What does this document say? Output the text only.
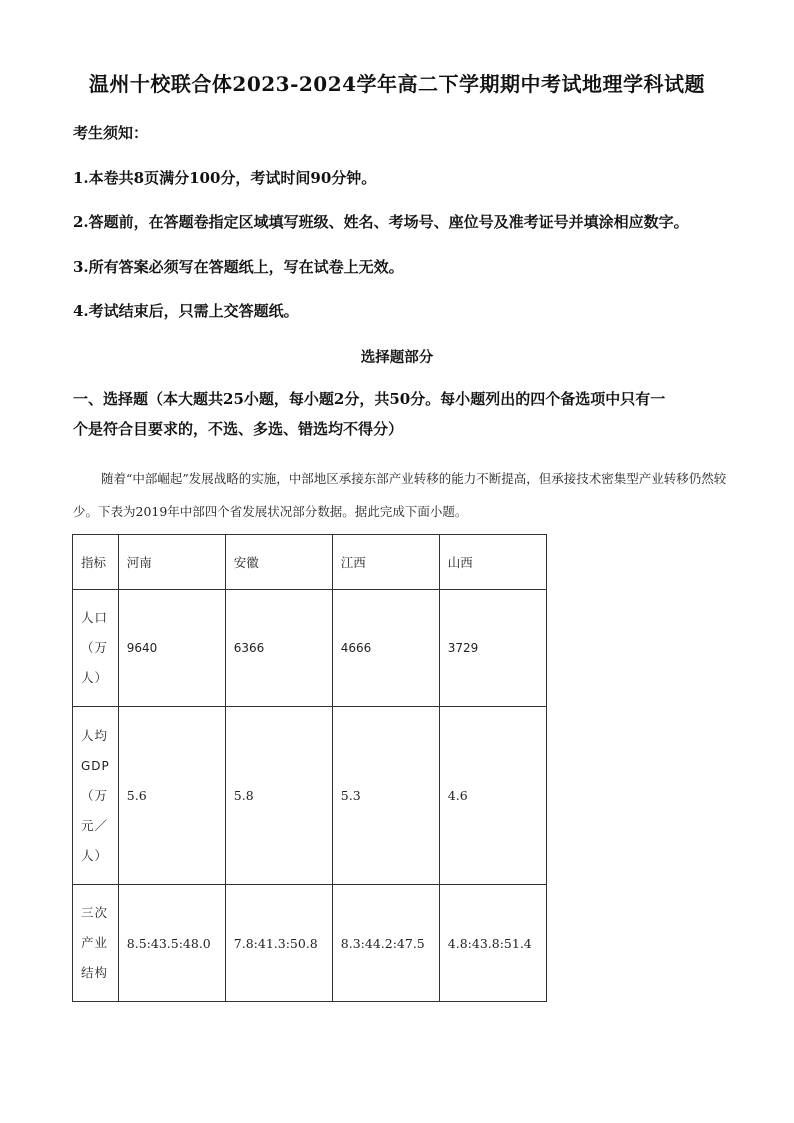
温州十校联合体2023-2024学年高二下学期期中考试地理学科试题
考生须知：
1.本卷共8页满分100分，考试时间90分钟。
2.答题前，在答题卷指定区域填写班级、姓名、考场号、座位号及准考证号并填涂相应数字。
3.所有答案必须写在答题纸上，写在试卷上无效。
4.考试结束后，只需上交答题纸。
选择题部分
一、选择题（本大题共25小题，每小题2分，共50分。每小题列出的四个备选项中只有一
个是符合目要求的，不选、多选、错选均不得分）
随着“中部崛起”发展战略的实施，中部地区承接东部产业转移的能力不断提高，但承接技术密集型产业转移仍然较少。下表为2019年中部四个省发展状况部分数据。据此完成下面小题。
指标	河南	安徽	江西	山西

人口
（万
人）	9640	6366	4666	3729

人均
GDP
（万
元／
人）	5.6	5.8	5.3	4.6

三次
产业
结构	8.5:43.5:48.0	7.8:41.3:50.8	8.3:44.2:47.5	4.8:43.8:51.4
